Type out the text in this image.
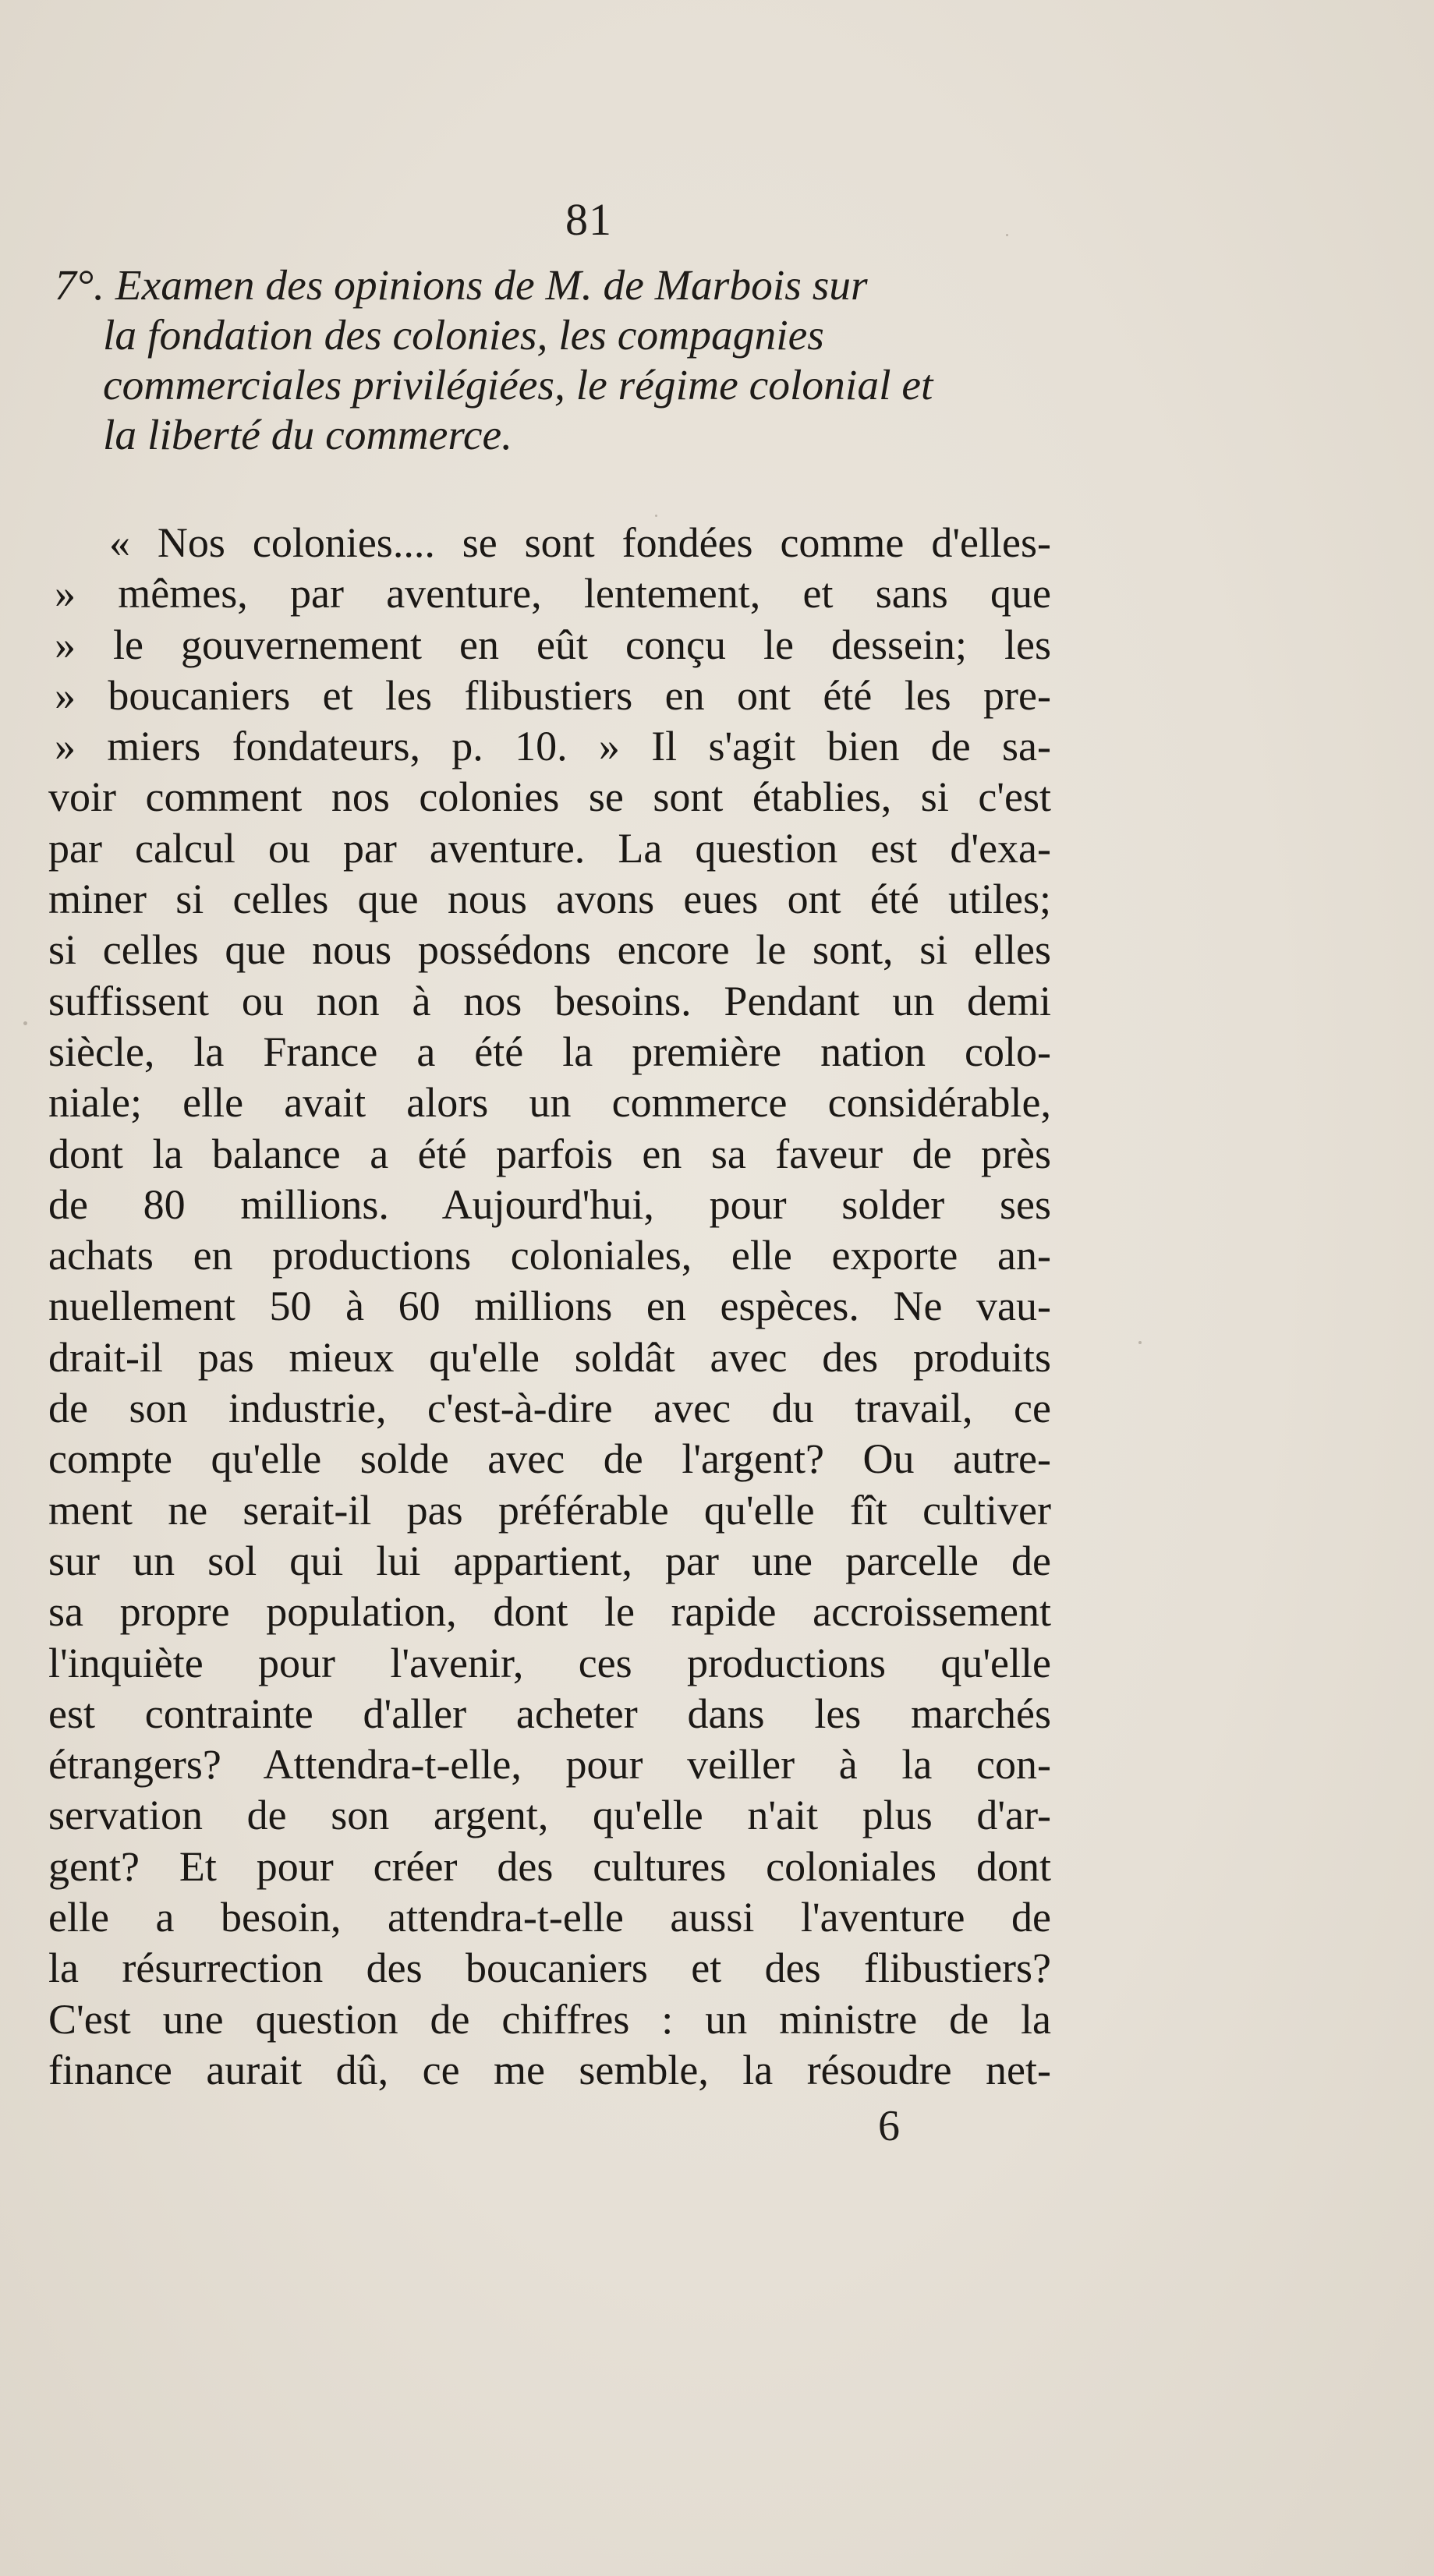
81
7°. Examen des opinions de M. de Marbois sur
la fondation des colonies, les compagnies
commerciales privilégiées, le régime colonial et
la liberté du commerce.
« Nos colonies.... se sont fondées comme d'elles-
» mêmes, par aventure, lentement, et sans que
» le gouvernement en eût conçu le dessein; les
» boucaniers et les flibustiers en ont été les pre-
» miers fondateurs, p. 10. » Il s'agit bien de sa-
voir comment nos colonies se sont établies, si c'est
par calcul ou par aventure. La question est d'exa-
miner si celles que nous avons eues ont été utiles;
si celles que nous possédons encore le sont, si elles
suffissent ou non à nos besoins. Pendant un demi
siècle, la France a été la première nation colo-
niale; elle avait alors un commerce considérable,
dont la balance a été parfois en sa faveur de près
de 80 millions. Aujourd'hui, pour solder ses
achats en productions coloniales, elle exporte an-
nuellement 50 à 60 millions en espèces. Ne vau-
drait-il pas mieux qu'elle soldât avec des produits
de son industrie, c'est-à-dire avec du travail, ce
compte qu'elle solde avec de l'argent? Ou autre-
ment ne serait-il pas préférable qu'elle fît cultiver
sur un sol qui lui appartient, par une parcelle de
sa propre population, dont le rapide accroissement
l'inquiète pour l'avenir, ces productions qu'elle
est contrainte d'aller acheter dans les marchés
étrangers? Attendra-t-elle, pour veiller à la con-
servation de son argent, qu'elle n'ait plus d'ar-
gent? Et pour créer des cultures coloniales dont
elle a besoin, attendra-t-elle aussi l'aventure de
la résurrection des boucaniers et des flibustiers?
C'est une question de chiffres : un ministre de la
finance aurait dû, ce me semble, la résoudre net-
6
